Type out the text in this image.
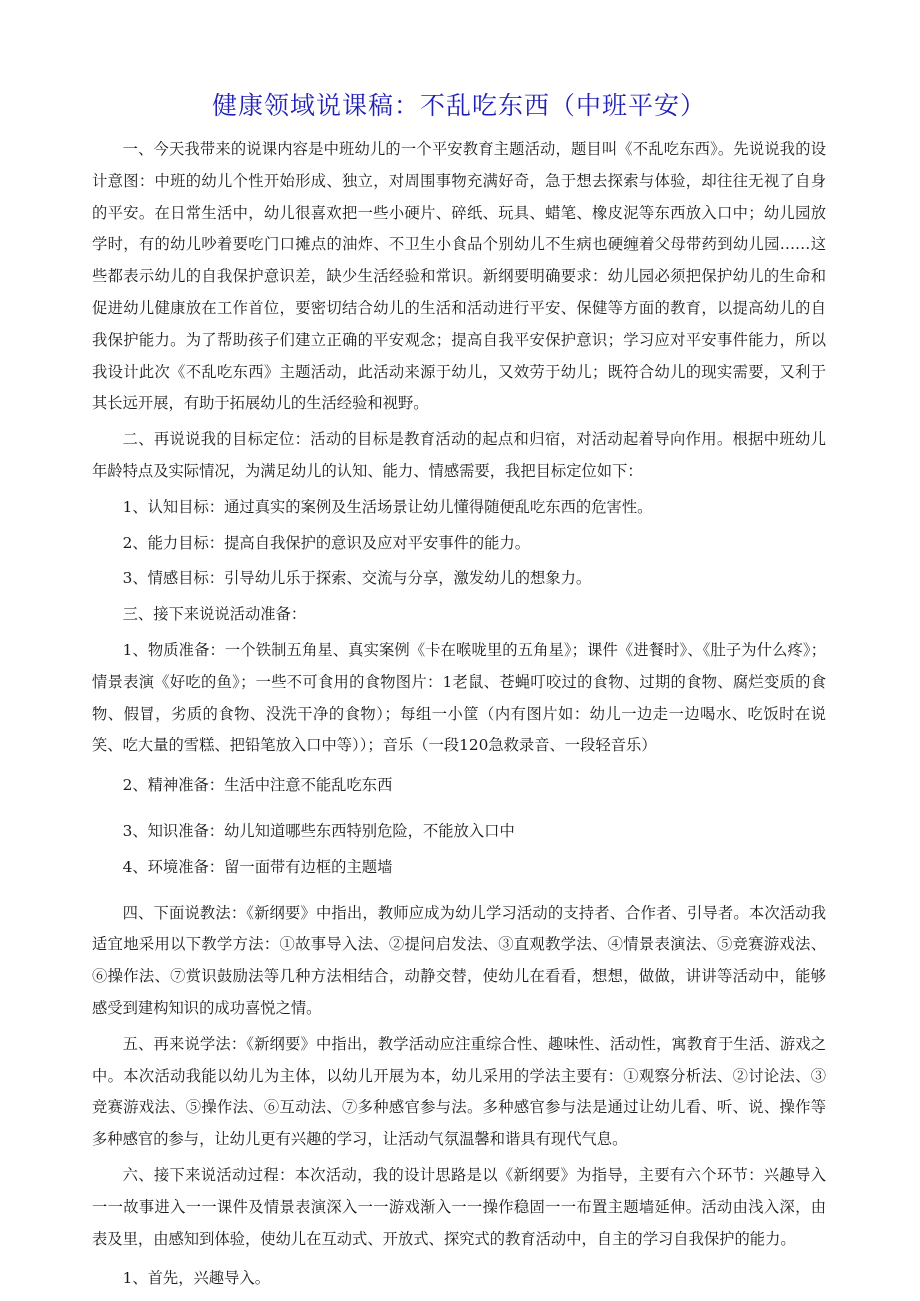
健康领域说课稿：不乱吃东西（中班平安）

一、今天我带来的说课内容是中班幼儿的一个平安教育主题活动，题目叫《不乱吃东西》。先说说我的设计意图：中班的幼儿个性开始形成、独立，对周围事物充满好奇，急于想去探索与体验，却往往无视了自身的平安。在日常生活中，幼儿很喜欢把一些小硬片、碎纸、玩具、蜡笔、橡皮泥等东西放入口中；幼儿园放学时，有的幼儿吵着要吃门口摊点的油炸、不卫生小食品个别幼儿不生病也硬缠着父母带药到幼儿园……这些都表示幼儿的自我保护意识差，缺少生活经验和常识。新纲要明确要求：幼儿园必须把保护幼儿的生命和促进幼儿健康放在工作首位，要密切结合幼儿的生活和活动进行平安、保健等方面的教育，以提高幼儿的自我保护能力。为了帮助孩子们建立正确的平安观念；提高自我平安保护意识；学习应对平安事件能力，所以我设计此次《不乱吃东西》主题活动，此活动来源于幼儿，又效劳于幼儿；既符合幼儿的现实需要，又利于其长远开展，有助于拓展幼儿的生活经验和视野。

二、再说说我的目标定位：活动的目标是教育活动的起点和归宿，对活动起着导向作用。根据中班幼儿年龄特点及实际情况，为满足幼儿的认知、能力、情感需要，我把目标定位如下：

1、认知目标：通过真实的案例及生活场景让幼儿懂得随便乱吃东西的危害性。

2、能力目标：提高自我保护的意识及应对平安事件的能力。

3、情感目标：引导幼儿乐于探索、交流与分享，激发幼儿的想象力。

三、接下来说说活动准备：

1、物质准备：一个铁制五角星、真实案例《卡在喉咙里的五角星》；课件《进餐时》、《肚子为什么疼》；情景表演《好吃的鱼》；一些不可食用的食物图片：1老鼠、苍蝇叮咬过的食物、过期的食物、腐烂变质的食物、假冒，劣质的食物、没洗干净的食物）；每组一小筐（内有图片如：幼儿一边走一边喝水、吃饭时在说笑、吃大量的雪糕、把铅笔放入口中等））；音乐（一段120急救录音、一段轻音乐）

2、精神准备：生活中注意不能乱吃东西

3、知识准备：幼儿知道哪些东西特别危险，不能放入口中

4、环境准备：留一面带有边框的主题墙

四、下面说教法：《新纲要》中指出，教师应成为幼儿学习活动的支持者、合作者、引导者。本次活动我适宜地采用以下教学方法：①故事导入法、②提问启发法、③直观教学法、④情景表演法、⑤竞赛游戏法、⑥操作法、⑦赏识鼓励法等几种方法相结合，动静交替，使幼儿在看看，想想，做做，讲讲等活动中，能够感受到建构知识的成功喜悦之情。

五、再来说学法：《新纲要》中指出，教学活动应注重综合性、趣味性、活动性，寓教育于生活、游戏之中。本次活动我能以幼儿为主体，以幼儿开展为本，幼儿采用的学法主要有：①观察分析法、②讨论法、③竞赛游戏法、⑤操作法、⑥互动法、⑦多种感官参与法。多种感官参与法是通过让幼儿看、听、说、操作等多种感官的参与，让幼儿更有兴趣的学习，让活动气氛温馨和谐具有现代气息。

六、接下来说活动过程：本次活动，我的设计思路是以《新纲要》为指导，主要有六个环节：兴趣导入一一故事进入一一课件及情景表演深入一一游戏渐入一一操作稳固一一布置主题墙延伸。活动由浅入深，由表及里，由感知到体验，使幼儿在互动式、开放式、探究式的教育活动中，自主的学习自我保护的能力。

1、首先，兴趣导入。
